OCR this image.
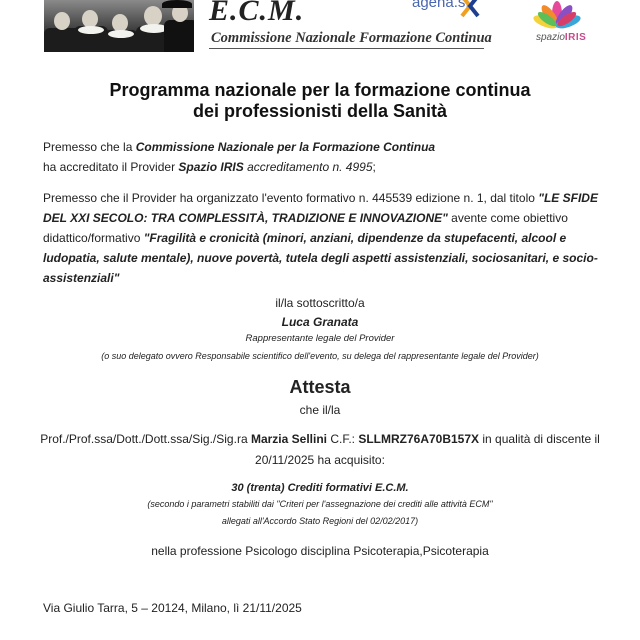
E.C.M.
Commissione Nazionale Formazione Continua
agena.s.
spazioIRIS
Programma nazionale per la formazione continua
dei professionisti della Sanità
Premesso che la Commissione Nazionale per la Formazione Continua
ha accreditato il Provider Spazio IRIS accreditamento n. 4995;
Premesso che il Provider ha organizzato l'evento formativo n. 445539 edizione n. 1, dal titolo "LE SFIDE DEL XXI SECOLO: TRA COMPLESSITÀ, TRADIZIONE E INNOVAZIONE" avente come obiettivo didattico/formativo "Fragilità e cronicità (minori, anziani, dipendenze da stupefacenti, alcool e ludopatia, salute mentale), nuove povertà, tutela degli aspetti assistenziali, sociosanitari, e socio-assistenziali"
il/la sottoscritto/a
Luca Granata
Rappresentante legale del Provider
(o suo delegato ovvero Responsabile scientifico dell'evento, su delega del rappresentante legale del Provider)
Attesta
che il/la
Prof./Prof.ssa/Dott./Dott.ssa/Sig./Sig.ra Marzia Sellini C.F.: SLLMRZ76A70B157X in qualità di discente il
20/11/2025 ha acquisito:
30 (trenta) Crediti formativi E.C.M.
(secondo i parametri stabiliti dai "Criteri per l'assegnazione dei crediti alle attività ECM"
allegati all'Accordo Stato Regioni del 02/02/2017)
nella professione Psicologo disciplina Psicoterapia,Psicoterapia
Via Giulio Tarra, 5 – 20124, Milano, lì 21/11/2025
